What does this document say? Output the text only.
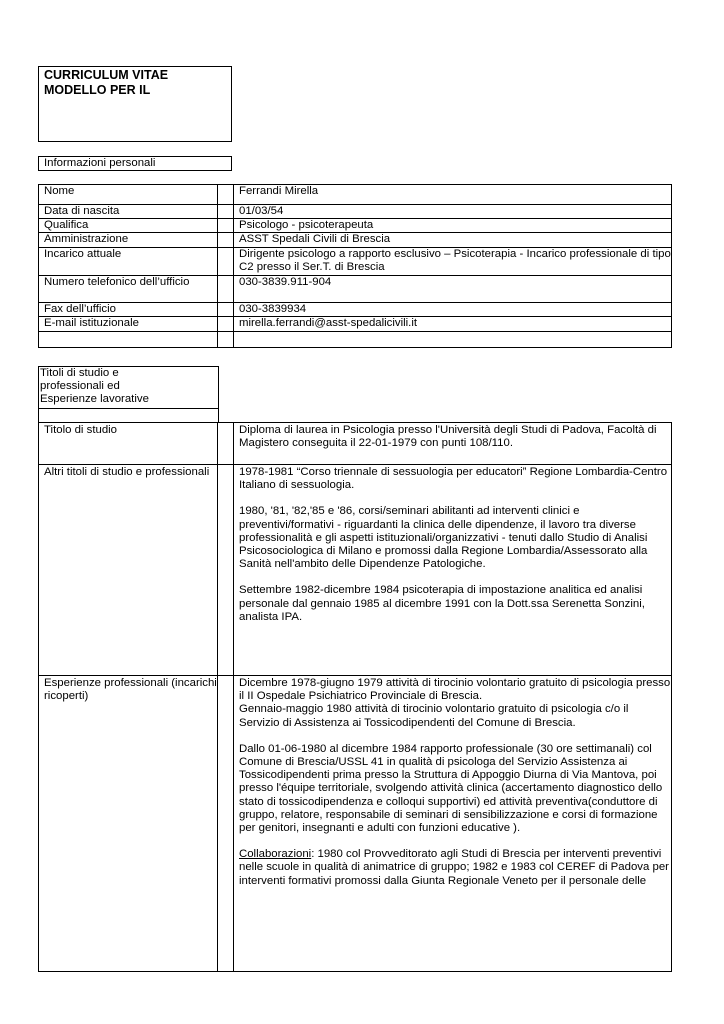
CURRICULUM VITAE
MODELLO PER IL
Informazioni personali
Nome		Ferrandi Mirella
Data di nascita		01/03/54
Qualifica		Psicologo - psicoterapeuta
Amministrazione		ASST Spedali Civili di Brescia
Incarico attuale		Dirigente psicologo a rapporto esclusivo – Psicoterapia - Incarico professionale di tipo C2 presso il Ser.T. di Brescia
Numero telefonico dell’ufficio		030-3839.911-904
Fax dell’ufficio		030-3839934
E-mail istituzionale		mirella.ferrandi@asst-spedalicivili.it

Titoli di studio e
professionali ed
Esperienze lavorative
Titolo di studio		Diploma di laurea in Psicologia presso l'Università degli Studi di Padova, Facoltà di Magistero conseguita il 22-01-1979 con punti 108/110.
Altri titoli di studio e professionali		1978-1981 “Corso triennale di sessuologia per educatori” Regione Lombardia-Centro Italiano di sessuologia.

1980, '81, '82,'85 e '86, corsi/seminari abilitanti ad interventi clinici e preventivi/formativi - riguardanti la clinica delle dipendenze, il lavoro tra diverse professionalità e gli aspetti istituzionali/organizzativi - tenuti dallo Studio di Analisi Psicosociologica di Milano e promossi dalla Regione Lombardia/Assessorato alla Sanità nell'ambito delle Dipendenze Patologiche.

Settembre 1982-dicembre 1984 psicoterapia di impostazione analitica ed analisi personale dal gennaio 1985 al dicembre 1991 con la Dott.ssa Serenetta Sonzini, analista IPA.

Esperienze professionali (incarichi ricoperti)		Dicembre 1978-giugno 1979 attività di tirocinio volontario gratuito di psicologia presso il II Ospedale Psichiatrico Provinciale di Brescia.

Gennaio-maggio 1980 attività di tirocinio volontario gratuito di psicologia c/o il Servizio di Assistenza ai Tossicodipendenti del Comune di Brescia.

Dallo 01-06-1980 al dicembre 1984 rapporto professionale (30 ore settimanali) col Comune di Brescia/USSL 41 in qualità di psicologa del Servizio Assistenza ai Tossicodipendenti prima presso la Struttura di Appoggio Diurna di Via Mantova, poi presso l'équipe territoriale, svolgendo attività clinica (accertamento diagnostico dello stato di tossicodipendenza e colloqui supportivi) ed attività preventiva(conduttore di gruppo, relatore, responsabile di seminari di sensibilizzazione e corsi di formazione per genitori, insegnanti e adulti con funzioni educative ).

Collaborazioni: 1980 col Provveditorato agli Studi di Brescia per interventi preventivi nelle scuole in qualità di animatrice di gruppo; 1982 e 1983 col CEREF di Padova per interventi formativi promossi dalla Giunta Regionale Veneto per il personale delle
